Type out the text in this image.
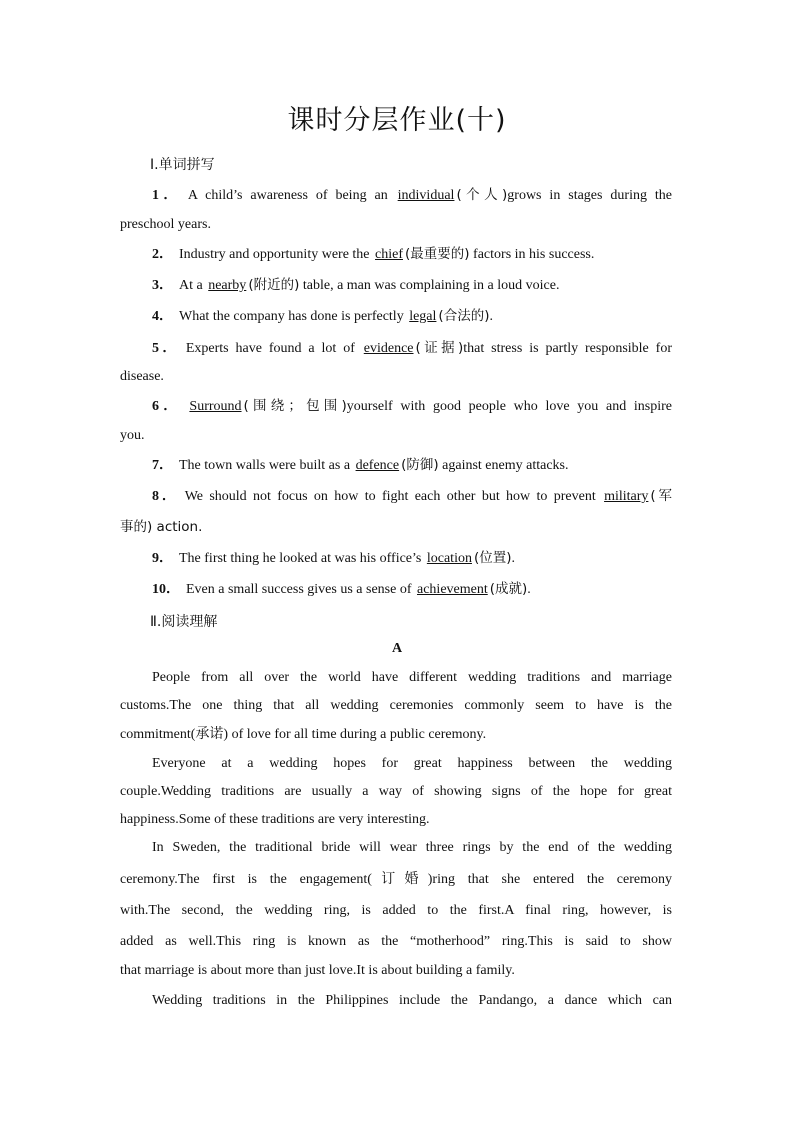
课时分层作业(十)
Ⅰ.单词拼写
1． A child’s awareness of being an individual (个人)grows in stages during the
preschool years.
2． Industry and opportunity were the chief (最重要的) factors in his success.
3． At a nearby (附近的) table, a man was complaining in a loud voice.
4． What the company has done is perfectly legal (合法的).
5． Experts have found a lot of evidence (证据)that stress is partly responsible for
disease.
6． Surround (围绕；包围)yourself with good people who love you and inspire
you.
7． The town walls were built as a defence (防御) against enemy attacks.
8． We should not focus on how to fight each other but how to prevent military (军
事的) action.
9． The first thing he looked at was his office’s location (位置).
10． Even a small success gives us a sense of achievement (成就).
Ⅱ.阅读理解
A
People from all over the world have different wedding traditions and marriage
customs.The one thing that all wedding ceremonies commonly seem to have is the
commitment(承诺) of love for all time during a public ceremony.
Everyone at a wedding hopes for great happiness between the wedding
couple.Wedding traditions are usually a way of showing signs of the hope for great
happiness.Some of these traditions are very interesting.
In Sweden, the traditional bride will wear three rings by the end of the wedding
ceremony.The first is the engagement(订婚)ring that she entered the ceremony
with.The second, the wedding ring, is added to the first.A final ring, however, is
added as well.This ring is known as the “motherhood” ring.This is said to show
that marriage is about more than just love.It is about building a family.
Wedding traditions in the Philippines include the Pandango, a dance which can
